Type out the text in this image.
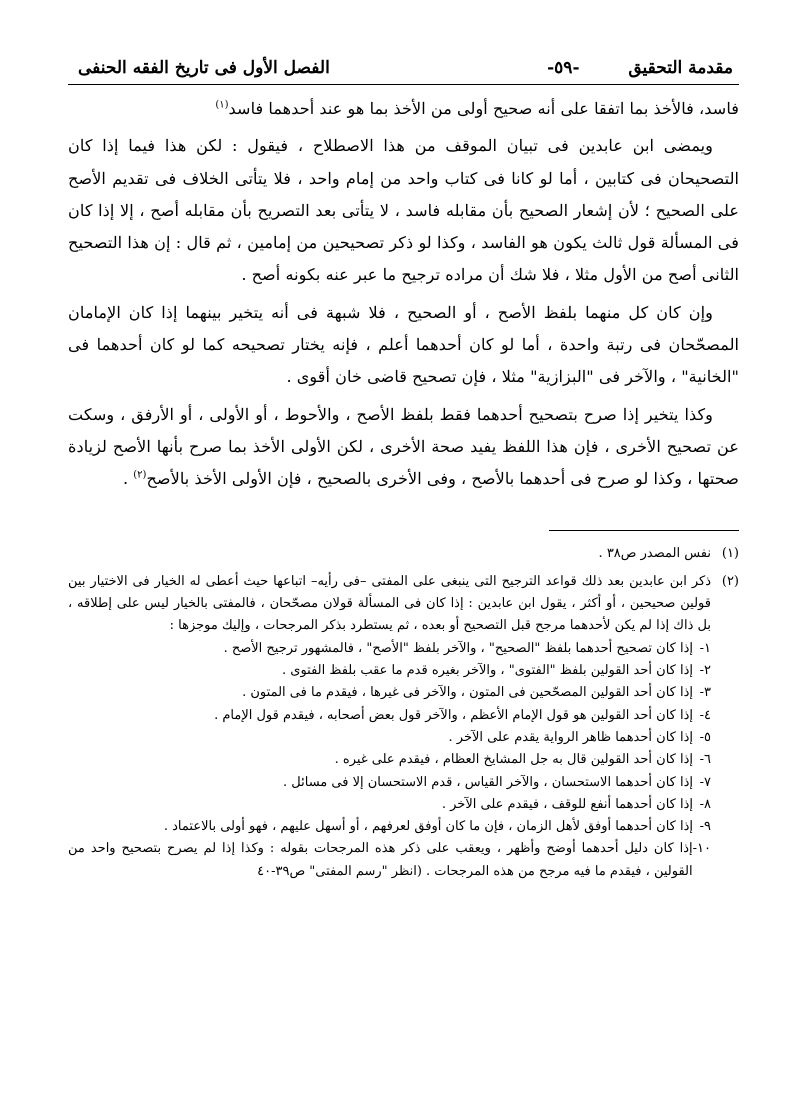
مقدمة التحقيق
-٥٩-
الفصل الأول فى تاريخ الفقه الحنفى

فاسد، فالأخذ بما اتفقا على أنه صحيح أولى من الأخذ بما هو عند أحدهما فاسد$^{(١)}$

ويمضى ابن عابدين فى تبيان الموقف من هذا الاصطلاح ، فيقول : لكن هذا فيما إذا كان التصحيحان فى كتابين ، أما لو كانا فى كتاب واحد من إمام واحد ، فلا يتأتى الخلاف فى تقديم الأصح على الصحيح ؛ لأن إشعار الصحيح بأن مقابله فاسد ، لا يتأتى بعد التصريح بأن مقابله أصح ، إلا إذا كان فى المسألة قول ثالث يكون هو الفاسد ، وكذا لو ذكر تصحيحين من إمامين ، ثم قال : إن هذا التصحيح الثانى أصح من الأول مثلا ، فلا شك أن مراده ترجيح ما عبر عنه بكونه أصح .

وإن كان كل منهما بلفظ الأصح ، أو الصحيح ، فلا شبهة فى أنه يتخير بينهما إذا كان الإمامان المصحّحان فى رتبة واحدة ، أما لو كان أحدهما أعلم ، فإنه يختار تصحيحه كما لو كان أحدهما فى "الخانية" ، والآخر فى "البزازية" مثلا ، فإن تصحيح قاضى خان أقوى .

وكذا يتخير إذا صرح بتصحيح أحدهما فقط بلفظ الأصح ، والأحوط ، أو الأولى ، أو الأرفق ، وسكت عن تصحيح الأخرى ، فإن هذا اللفظ يفيد صحة الأخرى ، لكن الأولى الأخذ بما صرح بأنها الأصح لزيادة صحتها ، وكذا لو صرح فى أحدهما بالأصح ، وفى الأخرى بالصحيح ، فإن الأولى الأخذ بالأصح$^{(٢)}$ .

(١)
نفس المصدر ص٣٨ .
(٢)
ذكر ابن عابدين بعد ذلك قواعد الترجيح التى ينبغى على المفتى –فى رأيه– اتباعها حيث أعطى له الخيار فى الاختيار بين قولين صحيحين ، أو أكثر ، يقول ابن عابدين : إذا كان فى المسألة قولان مصحّحان ، فالمفتى بالخيار ليس على إطلاقه ، بل ذاك إذا لم يكن لأحدهما مرجح قبل التصحيح أو بعده ، ثم يستطرد بذكر المرجحات ، وإليك موجزها :
١-
إذا كان تصحيح أحدهما بلفظ "الصحيح" ، والآخر بلفظ "الأصح" ، فالمشهور ترجيح الأصح .
٢-
إذا كان أحد القولين بلفظ "الفتوى" ، والآخر بغيره قدم ما عقب بلفظ الفتوى .
٣-
إذا كان أحد القولين المصحّحين فى المتون ، والآخر فى غيرها ، فيقدم ما فى المتون .
٤-
إذا كان أحد القولين هو قول الإمام الأعظم ، والآخر قول بعض أصحابه ، فيقدم قول الإمام .
٥-
إذا كان أحدهما ظاهر الرواية يقدم على الآخر .
٦-
إذا كان أحد القولين قال به جل المشايخ العظام ، فيقدم على غيره .
٧-
إذا كان أحدهما الاستحسان ، والآخر القياس ، قدم الاستحسان إلا فى مسائل .
٨-
إذا كان أحدهما أنفع للوقف ، فيقدم على الآخر .
٩-
إذا كان أحدهما أوفق لأهل الزمان ، فإن ما كان أوفق لعرفهم ، أو أسهل عليهم ، فهو أولى بالاعتماد .
١٠-
إذا كان دليل أحدهما أوضح وأظهر ، ويعقب على ذكر هذه المرجحات بقوله : وكذا إذا لم يصرح بتصحيح واحد من القولين ، فيقدم ما فيه مرجح من هذه المرجحات . (انظر "رسم المفتى" ص٣٩-٤٠
